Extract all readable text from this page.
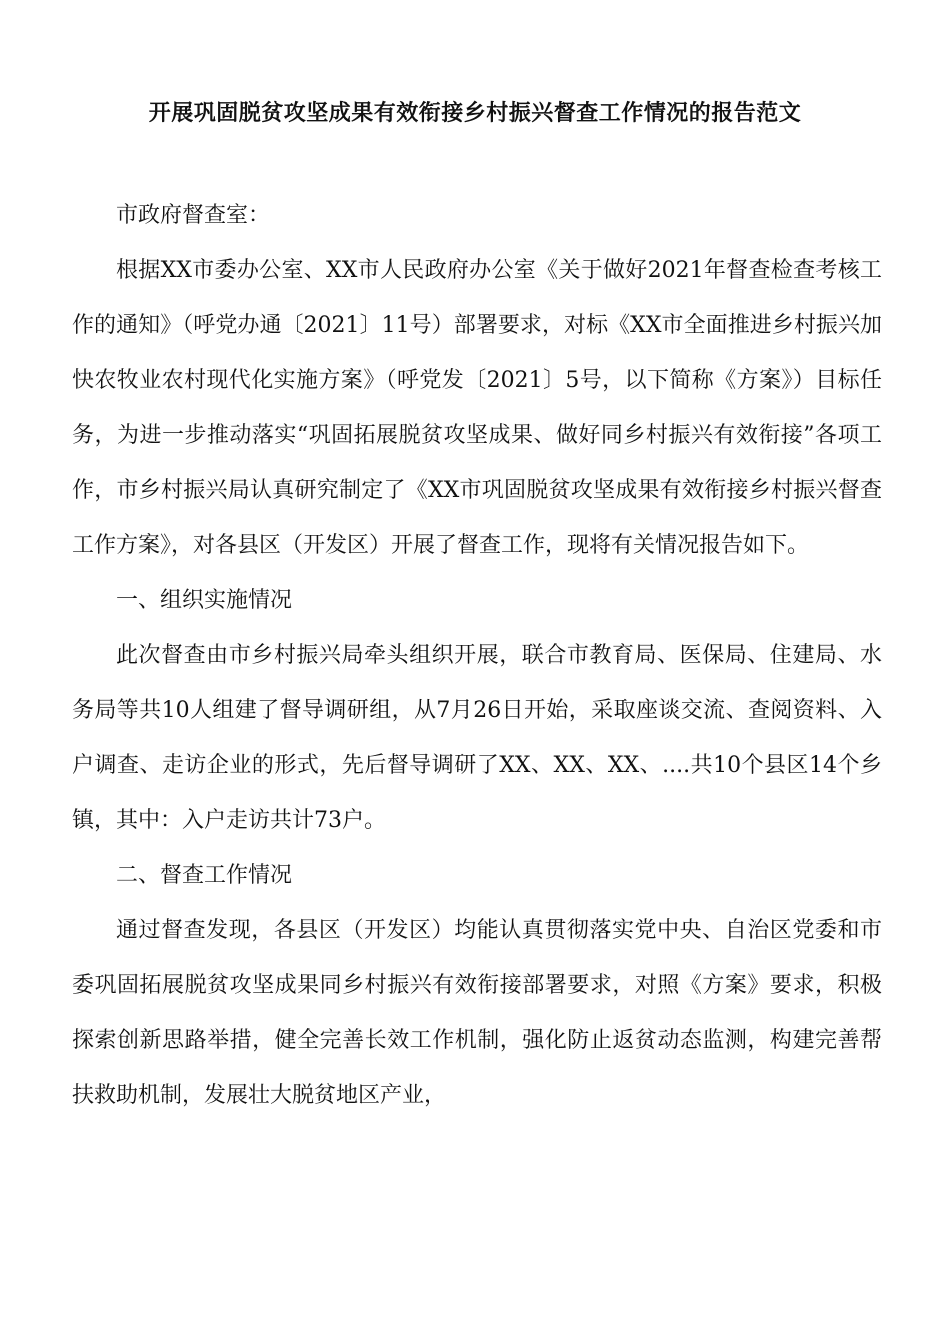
开展巩固脱贫攻坚成果有效衔接乡村振兴督查工作情况的报告范文

市政府督查室：

根据XX市委办公室、XX市人民政府办公室《关于做好2021年督查检查考核工作的通知》（呼党办通〔2021〕11号）部署要求，对标《XX市全面推进乡村振兴加快农牧业农村现代化实施方案》（呼党发〔2021〕5号，以下简称《方案》）目标任务，为进一步推动落实“巩固拓展脱贫攻坚成果、做好同乡村振兴有效衔接”各项工作，市乡村振兴局认真研究制定了《XX市巩固脱贫攻坚成果有效衔接乡村振兴督查工作方案》，对各县区（开发区）开展了督查工作，现将有关情况报告如下。

一、组织实施情况

此次督查由市乡村振兴局牵头组织开展，联合市教育局、医保局、住建局、水务局等共10人组建了督导调研组，从7月26日开始，采取座谈交流、查阅资料、入户调查、走访企业的形式，先后督导调研了XX、XX、XX、....共10个县区14个乡镇，其中：入户走访共计73户。

二、督查工作情况

通过督查发现，各县区（开发区）均能认真贯彻落实党中央、自治区党委和市委巩固拓展脱贫攻坚成果同乡村振兴有效衔接部署要求，对照《方案》要求，积极探索创新思路举措，健全完善长效工作机制，强化防止返贫动态监测，构建完善帮扶救助机制，发展壮大脱贫地区产业，
